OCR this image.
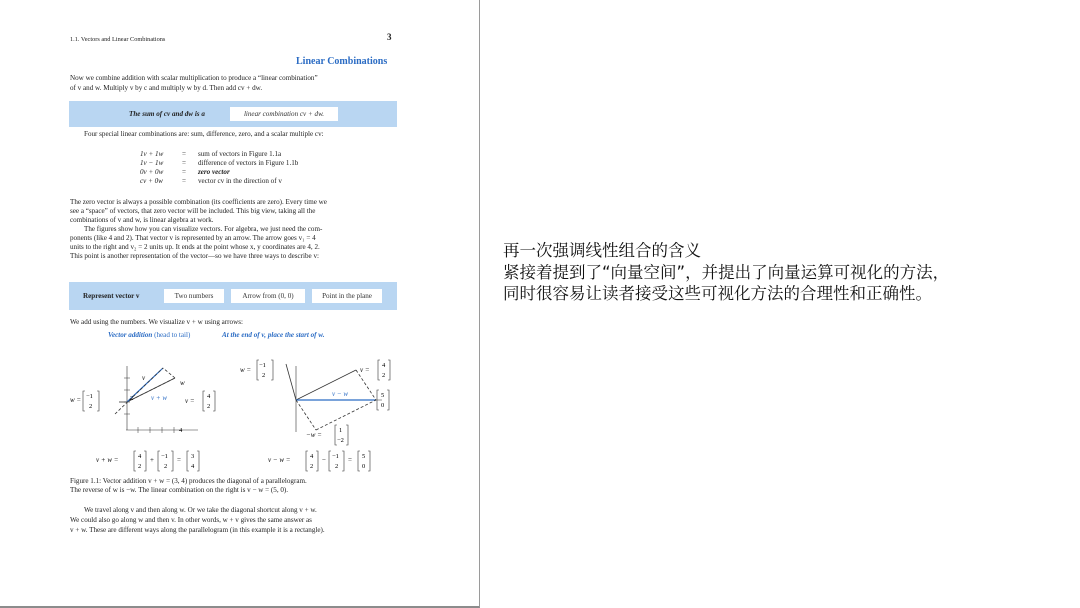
1.1. Vectors and Linear Combinations	3
Linear Combinations
Now we combine addition with scalar multiplication to produce a “linear combination”
of v and w. Multiply v by c and multiply w by d. Then add cv + dw.
The sum of cv and dw is a	linear combination cv + dw.
Four special linear combinations are: sum, difference, zero, and a scalar multiple cv:
1v + 1w	= sum of vectors in Figure 1.1a
1v − 1w	= difference of vectors in Figure 1.1b
0v + 0w	= zero vector
cv + 0w	= vector cv in the direction of v
The zero vector is always a possible combination (its coefficients are zero). Every time we
see a “space” of vectors, that zero vector will be included. This big view, taking all the
combinations of v and w, is linear algebra at work.
The figures show how you can visualize vectors. For algebra, we just need the com-
ponents (like 4 and 2). That vector v is represented by an arrow. The arrow goes v₁ = 4
units to the right and v₂ = 2 units up. It ends at the point whose x, y coordinates are 4, 2.
This point is another representation of the vector—so we have three ways to describe v:
Represent vector v	Two numbers	Arrow from (0, 0)	Point in the plane
We add using the numbers. We visualize v + w using arrows:
Vector addition (head to tail)	At the end of v, place the start of w.
w = −1
2
2
4
v + w
v
w
v =
4
2
v + w =	4
2
+ −1
2
= 3
4
w =
−1
2
v =
4
2
v − w	5
0
−w =
1
−2
v − w =	4
2
− −1
2
= 5
0
Figure 1.1: Vector addition v + w = (3, 4) produces the diagonal of a parallelogram.
The reverse of w is −w. The linear combination on the right is v − w = (5, 0).
We travel along v and then along w. Or we take the diagonal shortcut along v + w.
We could also go along w and then v. In other words, w + v gives the same answer as
v + w. These are different ways along the parallelogram (in this example it is a rectangle).
再一次强调线性组合的含义
紧接着提到了“向量空间”，并提出了向量运算可视化的方法，
同时很容易让读者接受这些可视化方法的合理性和正确性。
